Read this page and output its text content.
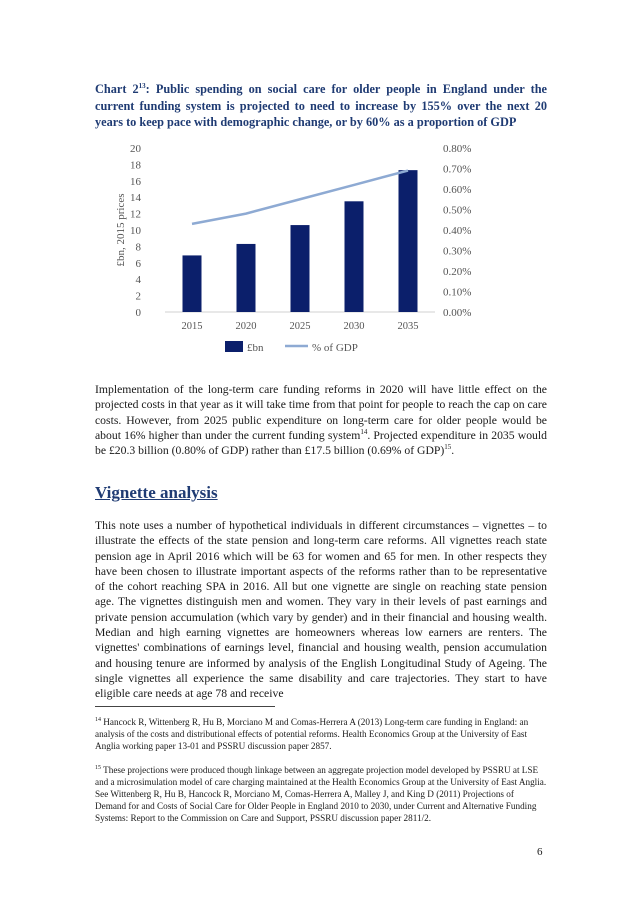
Chart $2^{13}$: Public spending on social care for older people in England under the current funding system is projected to need to increase by 155% over the next 20 years to keep pace with demographic change, or by 60% as a proportion of GDP
0
2
4
6
8
10
12
14
16
18
20
0.00%
0.10%
0.20%
0.30%
0.40%
0.50%
0.60%
0.70%
0.80%
£bn, 2015 prices
2015	2020	2025	2030	2035
£bn	% of GDP

Implementation of the long-term care funding reforms in 2020 will have little effect on the projected costs in that year as it will take time from that point for people to reach the cap on care costs. However, from 2025 public expenditure on long-term care for older people would be about 16% higher than under the current funding system$^{14}$. Projected expenditure in 2035 would be £20.3 billion (0.80% of GDP) rather than £17.5 billion (0.69% of GDP)$^{15}$.

Vignette analysis

This note uses a number of hypothetical individuals in different circumstances – vignettes – to illustrate the effects of the state pension and long-term care reforms. All vignettes reach state pension age in April 2016 which will be 63 for women and 65 for men. In other respects they have been chosen to illustrate important aspects of the reforms rather than to be representative of the cohort reaching SPA in 2016. All but one vignette are single on reaching state pension age. The vignettes distinguish men and women. They vary in their levels of past earnings and private pension accumulation (which vary by gender) and in their financial and housing wealth. Median and high earning vignettes are homeowners whereas low earners are renters. The vignettes' combinations of earnings level, financial and housing wealth, pension accumulation and housing tenure are informed by analysis of the English Longitudinal Study of Ageing. The single vignettes all experience the same disability and care trajectories. They start to have eligible care needs at age 78 and receive

$^{14}$ Hancock R, Wittenberg R, Hu B, Morciano M and Comas-Herrera A (2013) Long-term care funding in England: an analysis of the costs and distributional effects of potential reforms. Health Economics Group at the University of East Anglia working paper 13-01 and PSSRU discussion paper 2857.

$^{15}$ These projections were produced though linkage between an aggregate projection model developed by PSSRU at LSE and a microsimulation model of care charging maintained at the Health Economics Group at the University of East Anglia. See Wittenberg R, Hu B, Hancock R, Morciano M, Comas-Herrera A, Malley J, and King D (2011) Projections of Demand for and Costs of Social Care for Older People in England 2010 to 2030, under Current and Alternative Funding Systems: Report to the Commission on Care and Support, PSSRU discussion paper 2811/2.

6
